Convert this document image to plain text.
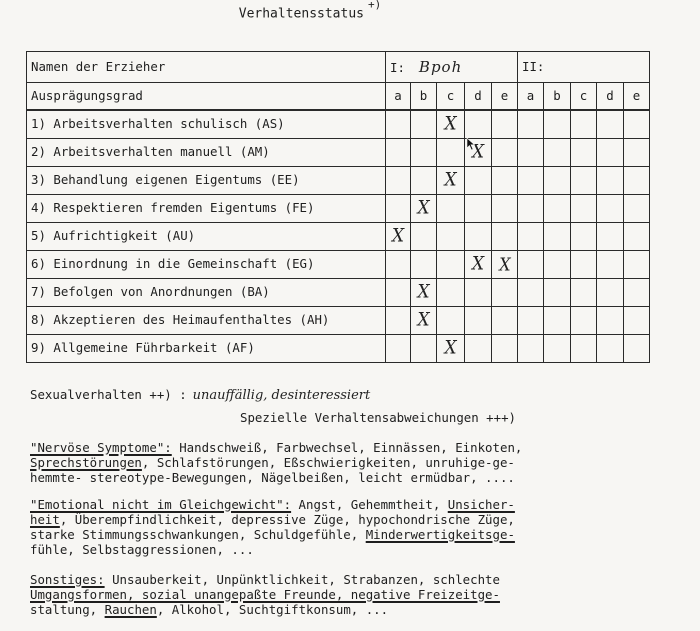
Verhaltensstatus+)
Namen der Erzieher	I: Bpoh					II:				
Ausprägungsgrad	a	b	c	d	e	a	b	c	d	e
1) Arbeitsverhalten schulisch (AS)			X							
2) Arbeitsverhalten manuell (AM)				X						
3) Behandlung eigenen Eigentums (EE)			X							
4) Respektieren fremden Eigentums (FE)		X								
5) Aufrichtigkeit (AU)	X									
6) Einordnung in die Gemeinschaft (EG)				X	X					
7) Befolgen von Anordnungen (BA)		X								
8) Akzeptieren des Heimaufenthaltes (AH)		X								
9) Allgemeine Führbarkeit (AF)			X							
Sexualverhalten ++) : unauffällig, desinteressiert
Spezielle Verhaltensabweichungen +++)
"Nervöse Symptome": Handschweiß, Farbwechsel, Einnässen, Einkoten,
Sprechstörungen, Schlafstörungen, Eßschwierigkeiten, unruhige-ge-
hemmte- stereotype-Bewegungen, Nägelbeißen, leicht ermüdbar, ....
"Emotional nicht im Gleichgewicht": Angst, Gehemmtheit, Unsicher-
heit, Überempfindlichkeit, depressive Züge, hypochondrische Züge,
starke Stimmungsschwankungen, Schuldgefühle, Minderwertigkeitsge-
fühle, Selbstaggressionen, ...
Sonstiges: Unsauberkeit, Unpünktlichkeit, Strabanzen, schlechte
Umgangsformen, sozial unangepaßte Freunde, negative Freizeitge-
staltung, Rauchen, Alkohol, Suchtgiftkonsum, ...
